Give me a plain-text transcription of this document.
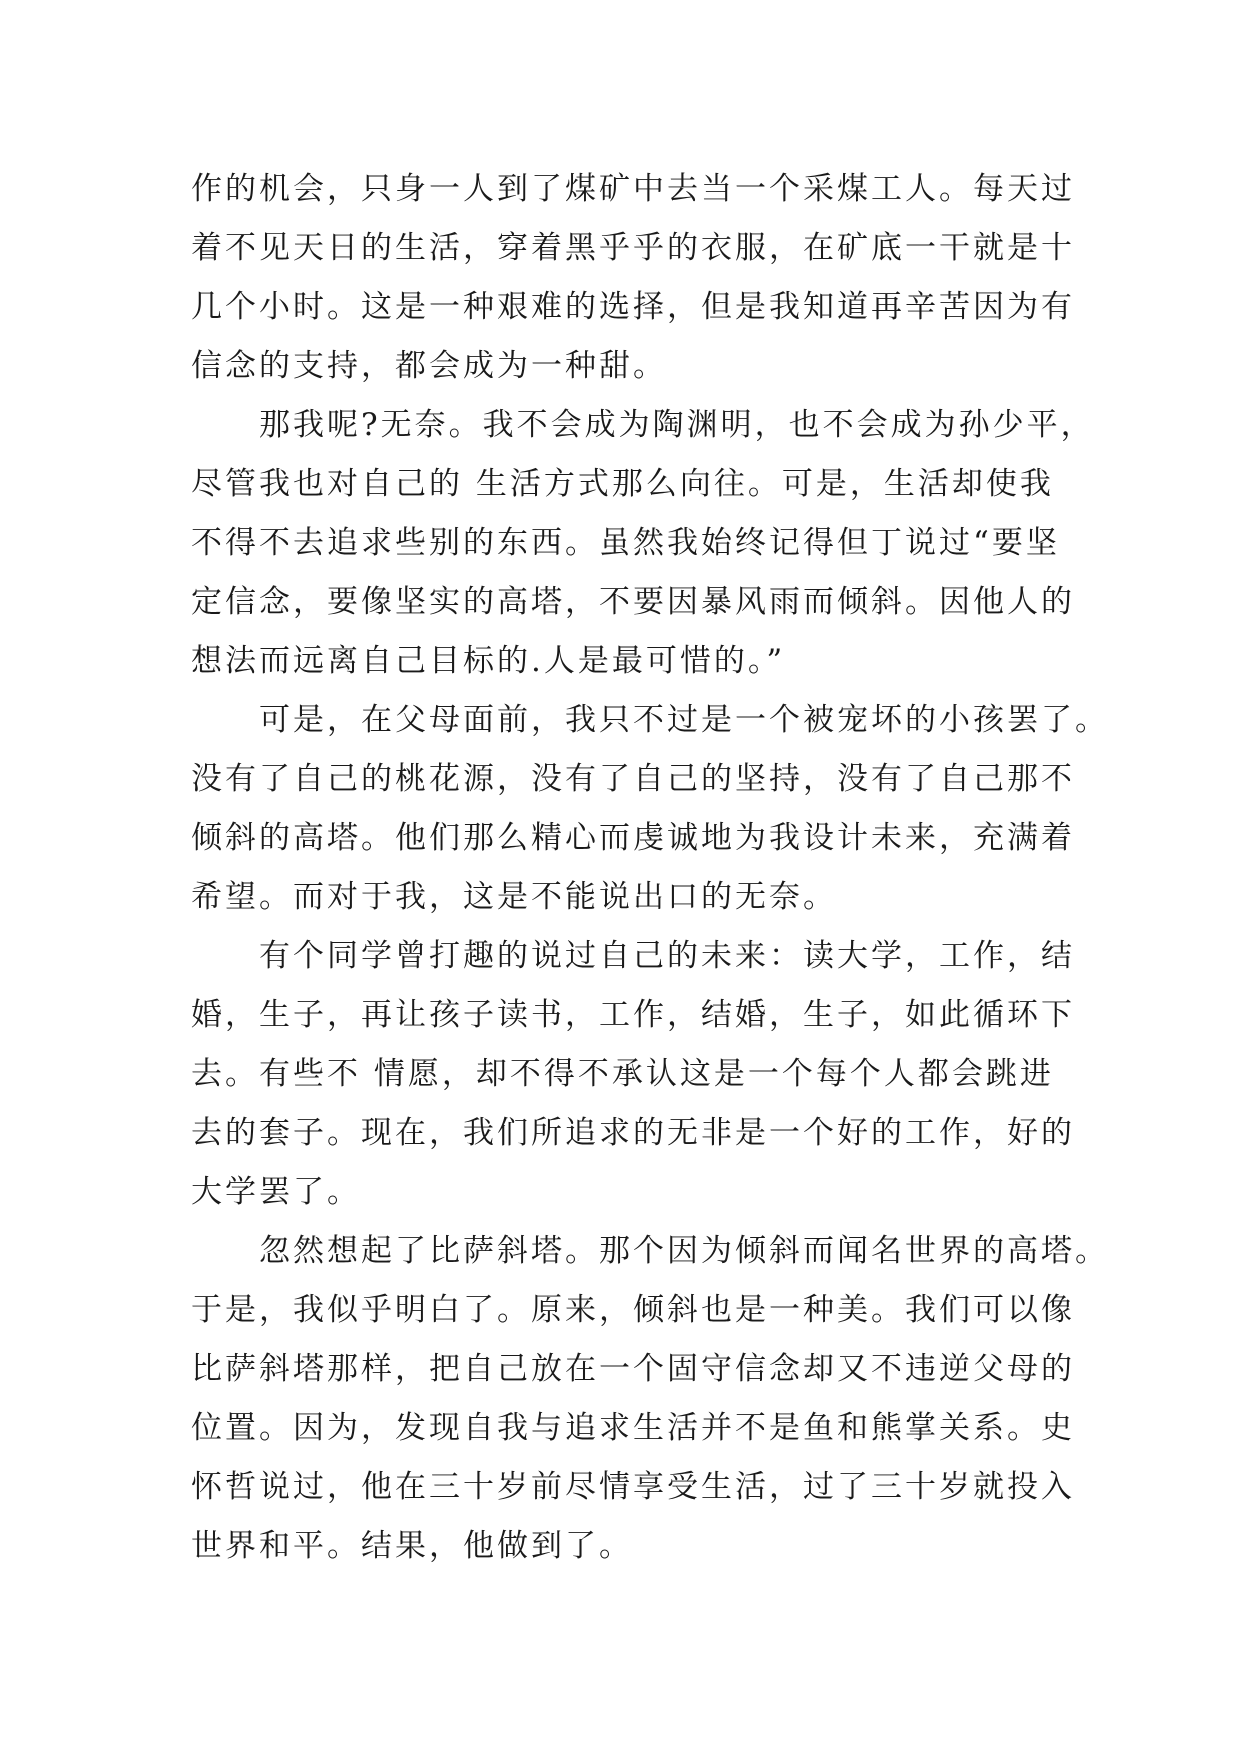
作的机会，只身一人到了煤矿中去当一个采煤工人。每天过
着不见天日的生活，穿着黑乎乎的衣服，在矿底一干就是十
几个小时。这是一种艰难的选择，但是我知道再辛苦因为有
信念的支持，都会成为一种甜。

　　那我呢?无奈。我不会成为陶渊明，也不会成为孙少平，
尽管我也对自己的 生活方式那么向往。可是，生活却使我
不得不去追求些别的东西。虽然我始终记得但丁说过“要坚
定信念，要像坚实的高塔，不要因暴风雨而倾斜。因他人的
想法而远离自己目标的.人是最可惜的。”

　　可是，在父母面前，我只不过是一个被宠坏的小孩罢了。
没有了自己的桃花源，没有了自己的坚持，没有了自己那不
倾斜的高塔。他们那么精心而虔诚地为我设计未来，充满着
希望。而对于我，这是不能说出口的无奈。

　　有个同学曾打趣的说过自己的未来：读大学，工作，结
婚，生子，再让孩子读书，工作，结婚，生子，如此循环下
去。有些不 情愿，却不得不承认这是一个每个人都会跳进
去的套子。现在，我们所追求的无非是一个好的工作，好的
大学罢了。

　　忽然想起了比萨斜塔。那个因为倾斜而闻名世界的高塔。
于是，我似乎明白了。原来，倾斜也是一种美。我们可以像
比萨斜塔那样，把自己放在一个固守信念却又不违逆父母的
位置。因为，发现自我与追求生活并不是鱼和熊掌关系。史
怀哲说过，他在三十岁前尽情享受生活，过了三十岁就投入
世界和平。结果，他做到了。
